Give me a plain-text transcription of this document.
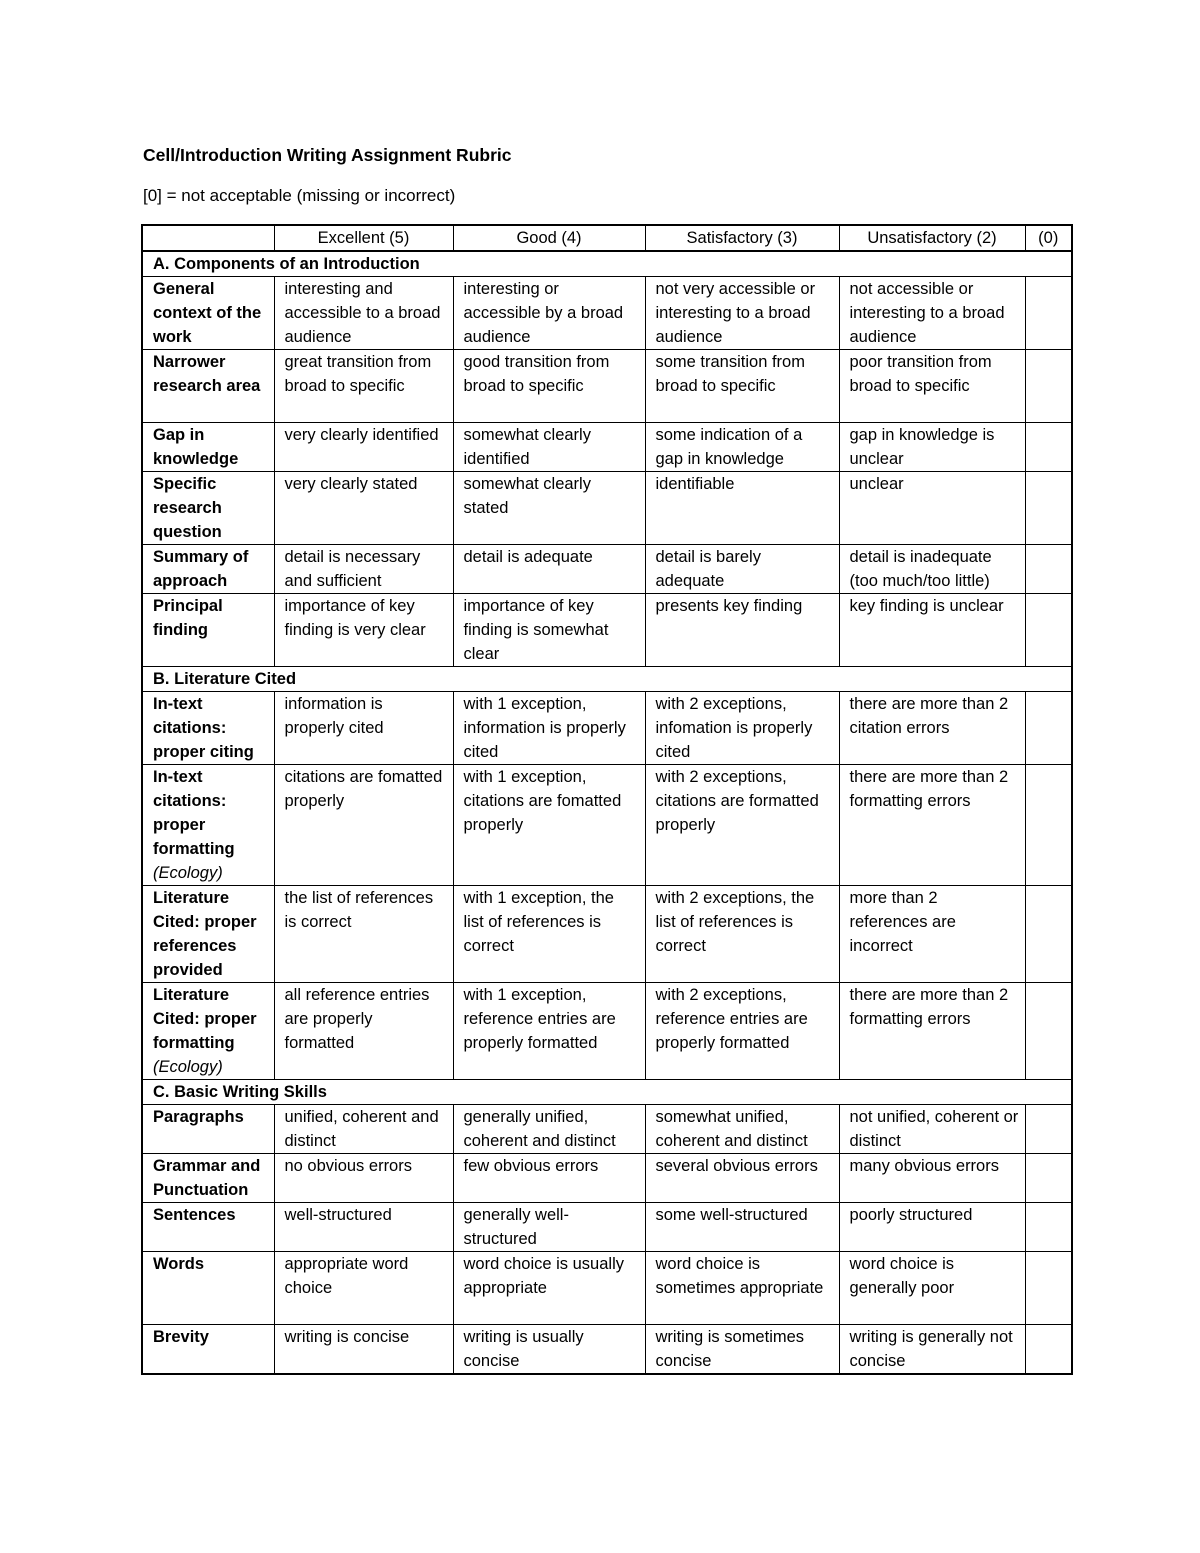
Cell/Introduction Writing Assignment Rubric
[0] = not acceptable (missing or incorrect)
	Excellent (5)	Good (4)	Satisfactory (3)	Unsatisfactory (2)	(0)
A. Components of an Introduction					
General context of the work	interesting and accessible to a broad audience	interesting or accessible by a broad audience	not very accessible or interesting to a broad audience	not accessible or interesting to a broad audience	
Narrower research area	great transition from broad to specific	good transition from broad to specific	some transition from broad to specific	poor transition from broad to specific	
Gap in knowledge	very clearly identified	somewhat clearly identified	some indication of a gap in knowledge	gap in knowledge is unclear	
Specific research question	very clearly stated	somewhat clearly stated	identifiable	unclear	
Summary of approach	detail is necessary and sufficient	detail is adequate	detail is barely adequate	detail is inadequate (too much/too little)	
Principal finding	importance of key finding is very clear	importance of key finding is somewhat clear	presents key finding	key finding is unclear	
B. Literature Cited					
In-text citations: proper citing	information is properly cited	with 1 exception, information is properly cited	with 2 exceptions, infomation is properly cited	there are more than 2 citation errors	
In-text citations: proper formatting (Ecology)	citations are fomatted properly	with 1 exception, citations are fomatted properly	with 2 exceptions, citations are formatted properly	there are more than 2 formatting errors	
Literature Cited: proper references provided	the list of references is correct	with 1 exception, the list of references is correct	with 2 exceptions, the list of references is correct	more than 2 references are incorrect	
Literature Cited: proper formatting (Ecology)	all reference entries are properly formatted	with 1 exception, reference entries are properly formatted	with 2 exceptions, reference entries are properly formatted	there are more than 2 formatting errors	
C. Basic Writing Skills					
Paragraphs	unified, coherent and distinct	generally unified, coherent and distinct	somewhat unified, coherent and distinct	not unified, coherent or distinct	
Grammar and Punctuation	no obvious errors	few obvious errors	several obvious errors	many obvious errors	
Sentences	well-structured	generally well-structured	some well-structured	poorly structured	
Words	appropriate word choice	word choice is usually appropriate	word choice is sometimes appropriate	word choice is generally poor	
Brevity	writing is concise	writing is usually concise	writing is sometimes concise	writing is generally not concise	
